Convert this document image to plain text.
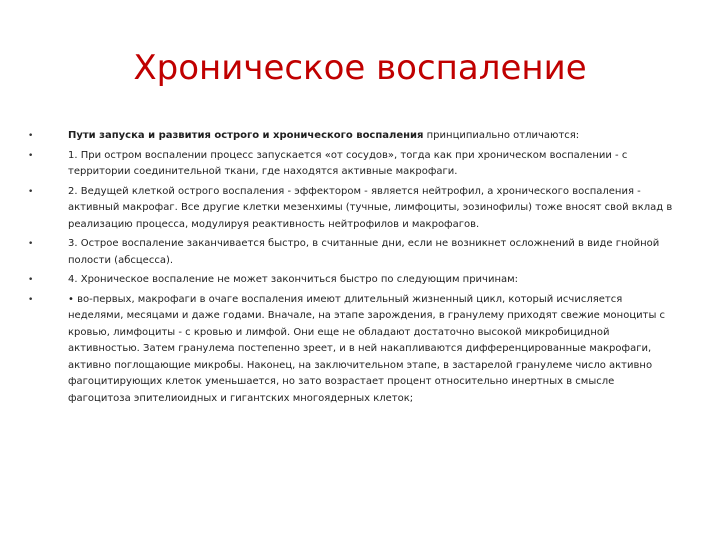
Хроническое воспаление
•	Пути запуска и развития острого и хронического воспаления принципиально отличаются:
•	1. При остром воспалении процесс запускается «от сосудов», тогда как при хроническом воспалении - с территории соединительной ткани, где находятся активные макрофаги.
•	2. Ведущей клеткой острого воспаления - эффектором - является нейтрофил, а хронического воспаления - активный макрофаг. Все другие клетки мезенхимы (тучные, лимфоциты, эозинофилы) тоже вносят свой вклад в реализацию процесса, модулируя реактивность нейтрофилов и макрофагов.
•	3. Острое воспаление заканчивается быстро, в считанные дни, если не возникнет осложнений в виде гнойной полости (абсцесса).
•	4. Хроническое воспаление не может закончиться быстро по следующим причинам:
•	• во-первых, макрофаги в очаге воспаления имеют длительный жизненный цикл, который исчисляется неделями, месяцами и даже годами. Вначале, на этапе зарождения, в гранулему приходят свежие моноциты с кровью, лимфоциты - с кровью и лимфой. Они еще не обладают достаточно высокой микробицидной активностью. Затем гранулема постепенно зреет, и в ней накапливаются дифференцированные макрофаги, активно поглощающие микробы. Наконец, на заключительном этапе, в застарелой гранулеме число активно фагоцитирующих клеток уменьшается, но зато возрастает процент относительно инертных в смысле фагоцитоза эпителиоидных и гигантских многоядерных клеток;
